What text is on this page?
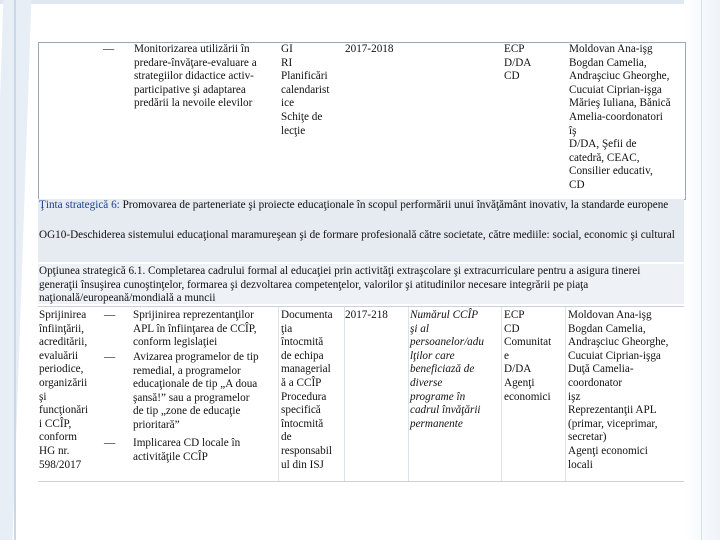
— Monitorizarea utilizării în
predare-învăţare-evaluare a
strategiilor didactice activ-
participative şi adaptarea
predării la nevoile elevilor
GI
RI
Planificări
calendarist
ice
Schiţe de
lecţie
2017-2018	ECP
D/DA
CD
Moldovan Ana-işg
Bogdan Camelia,
Andraşciuc Gheorghe,
Cucuiat Ciprian-işga
Mărieş Iuliana, Bănică
Amelia-coordonatori
îş
D/DA, Şefii de
catedră, CEAC,
Consilier educativ,
CD
Ţinta strategică 6: Promovarea de parteneriate şi proiecte educaţionale în scopul performării unui învăţământ inovativ, la standarde europene
OG10-Deschiderea sistemului educaţional maramureşean şi de formare profesională către societate, către mediile: social, economic şi cultural
Opţiunea strategică 6.1. Completarea cadrului formal al educaţiei prin activităţi extraşcolare şi extracurriculare pentru a asigura tinerei generaţii însuşirea cunoştinţelor, formarea şi dezvoltarea competenţelor, valorilor şi atitudinilor necesare integrării pe piaţa naţională/europeană/mondială a muncii
Sprijinirea
înfiinţării,
acreditării,
evaluării
periodice,
organizării
şi
funcţionări
i CCÎP,
conform
HG nr.
598/2017
—
—
—
Sprijinirea reprezentanţilor
APL în înfiinţarea de CCÎP,
conform legislaţiei
Avizarea programelor de tip
remedial, a programelor
educaţionale de tip „A doua
şansă!” sau a programelor
de tip „zone de educaţie
prioritară”
Implicarea CD locale în
activităţile CCÎP
Documenta
ţia
întocmită
de echipa
managerial
ă a CCÎP
Procedura
specifică
întocmită
de
responsabil
ul din ISJ
2017-218 Numărul CCÎP
şi al
persoanelor/adu
lţilor care
beneficiază de
diverse
programe în
cadrul învăţării
permanente
ECP
CD
Comunitat
e
D/DA
Agenţi
economici
Moldovan Ana-işg
Bogdan Camelia,
Andraşciuc Gheorghe,
Cucuiat Ciprian-işga
Duţă Camelia-
coordonator
işz
Reprezentanţii APL
(primar, viceprimar,
secretar)
Agenţi economici
locali
